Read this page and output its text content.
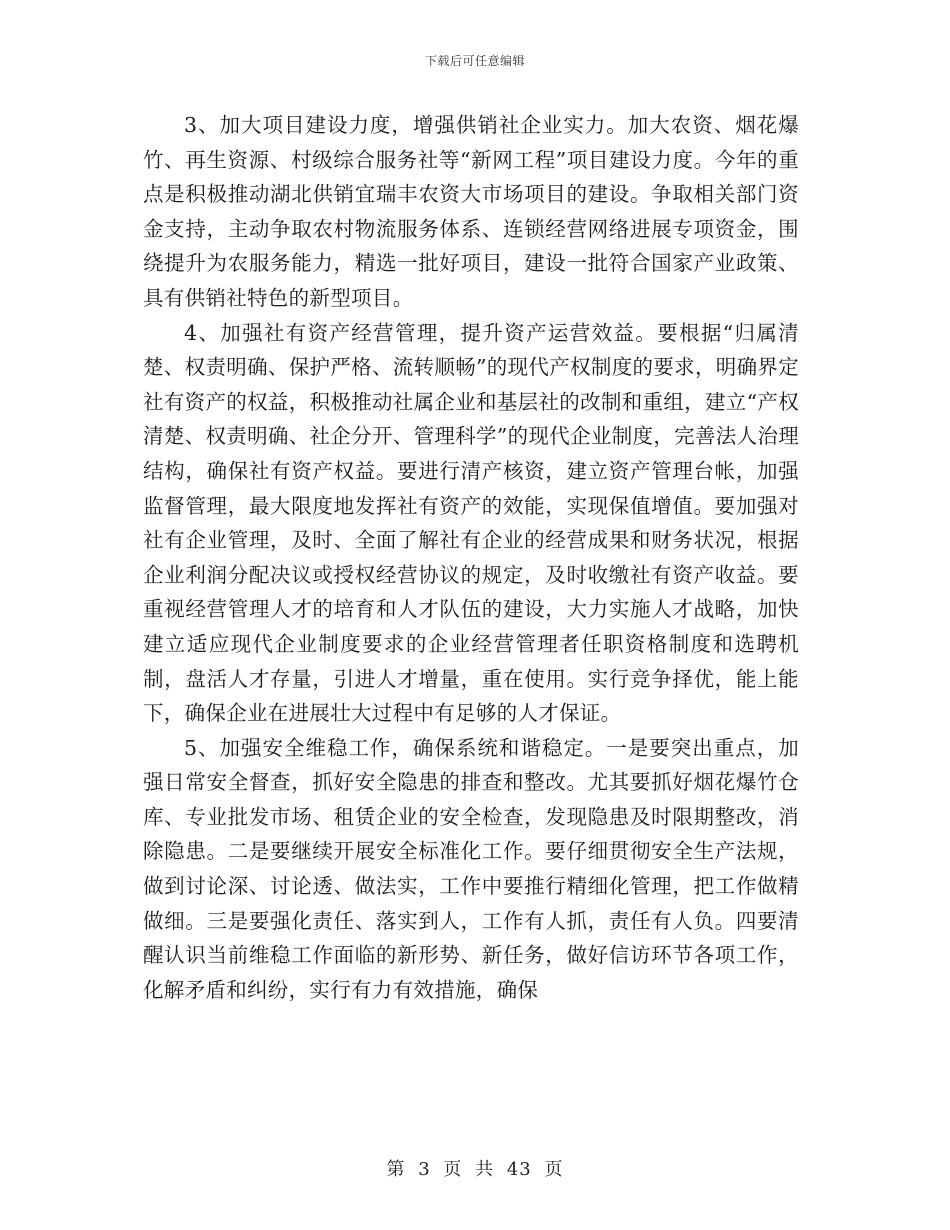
下载后可任意编辑

3、加大项目建设力度，增强供销社企业实力。加大农资、烟花爆竹、再生资源、村级综合服务社等“新网工程”项目建设力度。今年的重点是积极推动湖北供销宜瑞丰农资大市场项目的建设。争取相关部门资金支持，主动争取农村物流服务体系、连锁经营网络进展专项资金，围绕提升为农服务能力，精选一批好项目，建设一批符合国家产业政策、具有供销社特色的新型项目。

4、加强社有资产经营管理，提升资产运营效益。要根据“归属清楚、权责明确、保护严格、流转顺畅”的现代产权制度的要求，明确界定社有资产的权益，积极推动社属企业和基层社的改制和重组，建立“产权清楚、权责明确、社企分开、管理科学”的现代企业制度，完善法人治理结构，确保社有资产权益。要进行清产核资，建立资产管理台帐，加强监督管理，最大限度地发挥社有资产的效能，实现保值增值。要加强对社有企业管理，及时、全面了解社有企业的经营成果和财务状况，根据企业利润分配决议或授权经营协议的规定，及时收缴社有资产收益。要重视经营管理人才的培育和人才队伍的建设，大力实施人才战略，加快建立适应现代企业制度要求的企业经营管理者任职资格制度和选聘机制，盘活人才存量，引进人才增量，重在使用。实行竞争择优，能上能下，确保企业在进展壮大过程中有足够的人才保证。

5、加强安全维稳工作，确保系统和谐稳定。一是要突出重点，加强日常安全督查，抓好安全隐患的排查和整改。尤其要抓好烟花爆竹仓库、专业批发市场、租赁企业的安全检查，发现隐患及时限期整改，消除隐患。二是要继续开展安全标准化工作。要仔细贯彻安全生产法规，做到讨论深、讨论透、做法实，工作中要推行精细化管理，把工作做精做细。三是要强化责任、落实到人，工作有人抓，责任有人负。四要清醒认识当前维稳工作面临的新形势、新任务，做好信访环节各项工作，化解矛盾和纠纷，实行有力有效措施，确保

第 3 页 共 43 页
